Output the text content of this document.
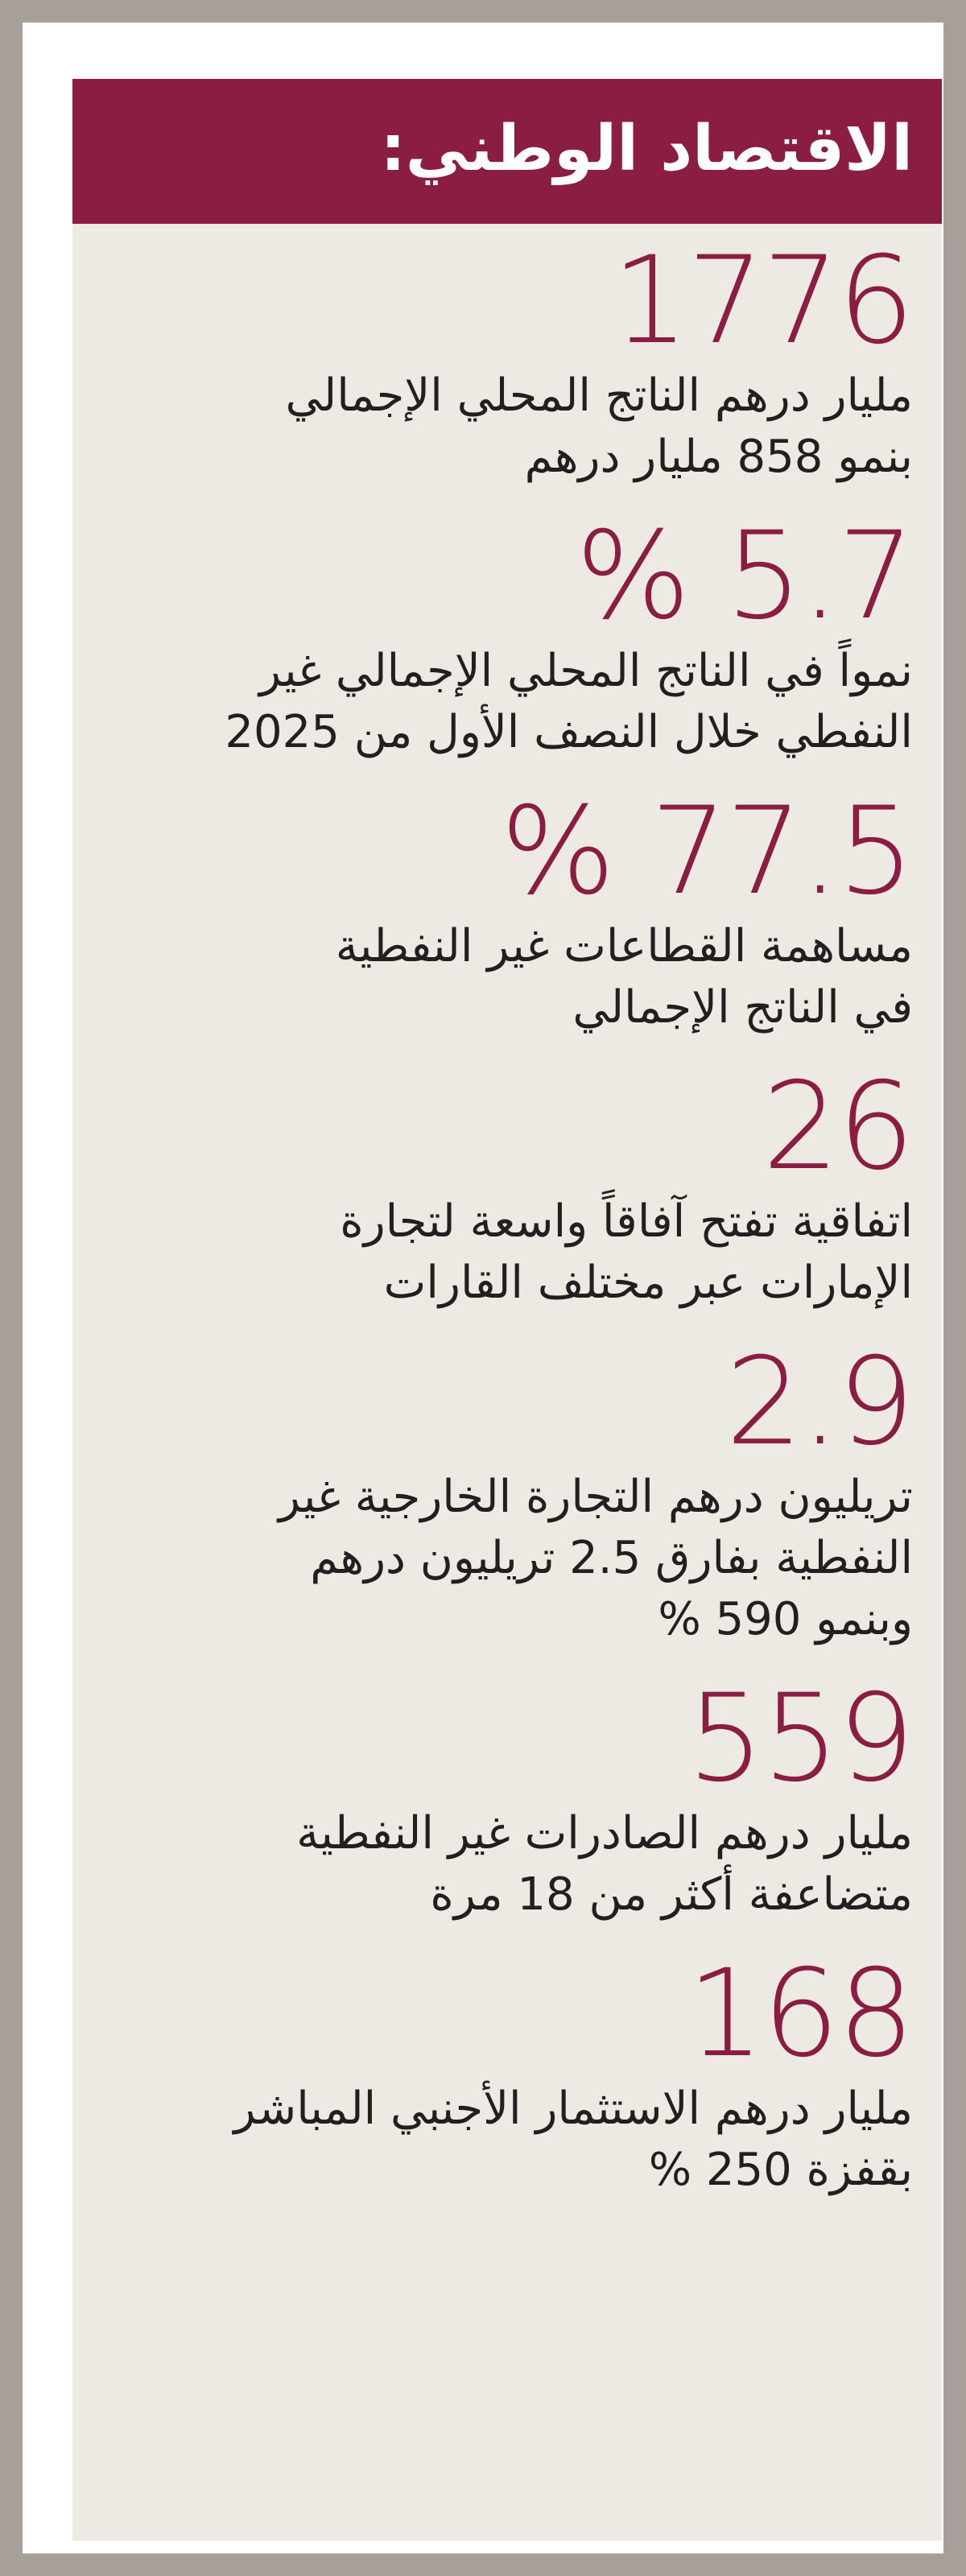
الاقتصاد الوطني:
1776
مليار درهم الناتج المحلي الإجمالي
بنمو 858 مليار درهم
5.7 %
نمواً في الناتج المحلي الإجمالي غير
النفطي خلال النصف الأول من 2025
77.5 %
مساهمة القطاعات غير النفطية
في الناتج الإجمالي
26
اتفاقية تفتح آفاقاً واسعة لتجارة
الإمارات عبر مختلف القارات
2.9
تريليون درهم التجارة الخارجية غير
النفطية بفارق 2.5 تريليون درهم
وبنمو 590 %
559
مليار درهم الصادرات غير النفطية
متضاعفة أكثر من 18 مرة
168
مليار درهم الاستثمار الأجنبي المباشر
بقفزة 250 %
